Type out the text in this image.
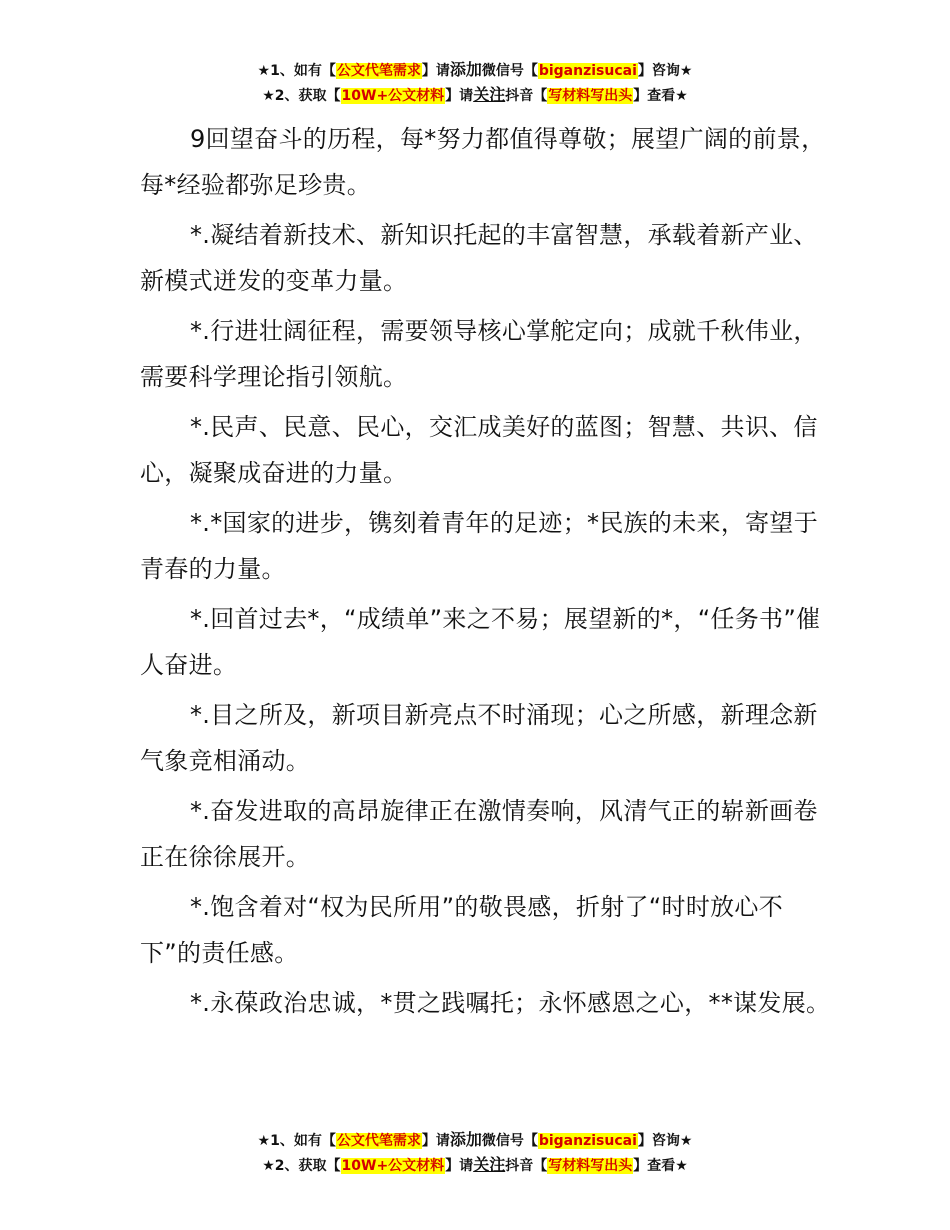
★1、如有【公文代笔需求】请添加微信号【biganzisucai】咨询★
★2、获取【10W+公文材料】请关注抖音【写材料写出头】查看★

9回望奋斗的历程，每*努力都值得尊敬；展望广阔的前景，每*经验都弥足珍贵。

*.凝结着新技术、新知识托起的丰富智慧，承载着新产业、新模式迸发的变革力量。

*.行进壮阔征程，需要领导核心掌舵定向；成就千秋伟业，需要科学理论指引领航。

*.民声、民意、民心，交汇成美好的蓝图；智慧、共识、信心，凝聚成奋进的力量。

*.*国家的进步，镌刻着青年的足迹；*民族的未来，寄望于青春的力量。

*.回首过去*，“成绩单”来之不易；展望新的*，“任务书”催人奋进。

*.目之所及，新项目新亮点不时涌现；心之所感，新理念新气象竞相涌动。

*.奋发进取的高昂旋律正在激情奏响，风清气正的崭新画卷正在徐徐展开。

*.饱含着对“权为民所用”的敬畏感，折射了“时时放心不下”的责任感。

*.永葆政治忠诚，*贯之践嘱托；永怀感恩之心，**谋发展。

★1、如有【公文代笔需求】请添加微信号【biganzisucai】咨询★
★2、获取【10W+公文材料】请关注抖音【写材料写出头】查看★
